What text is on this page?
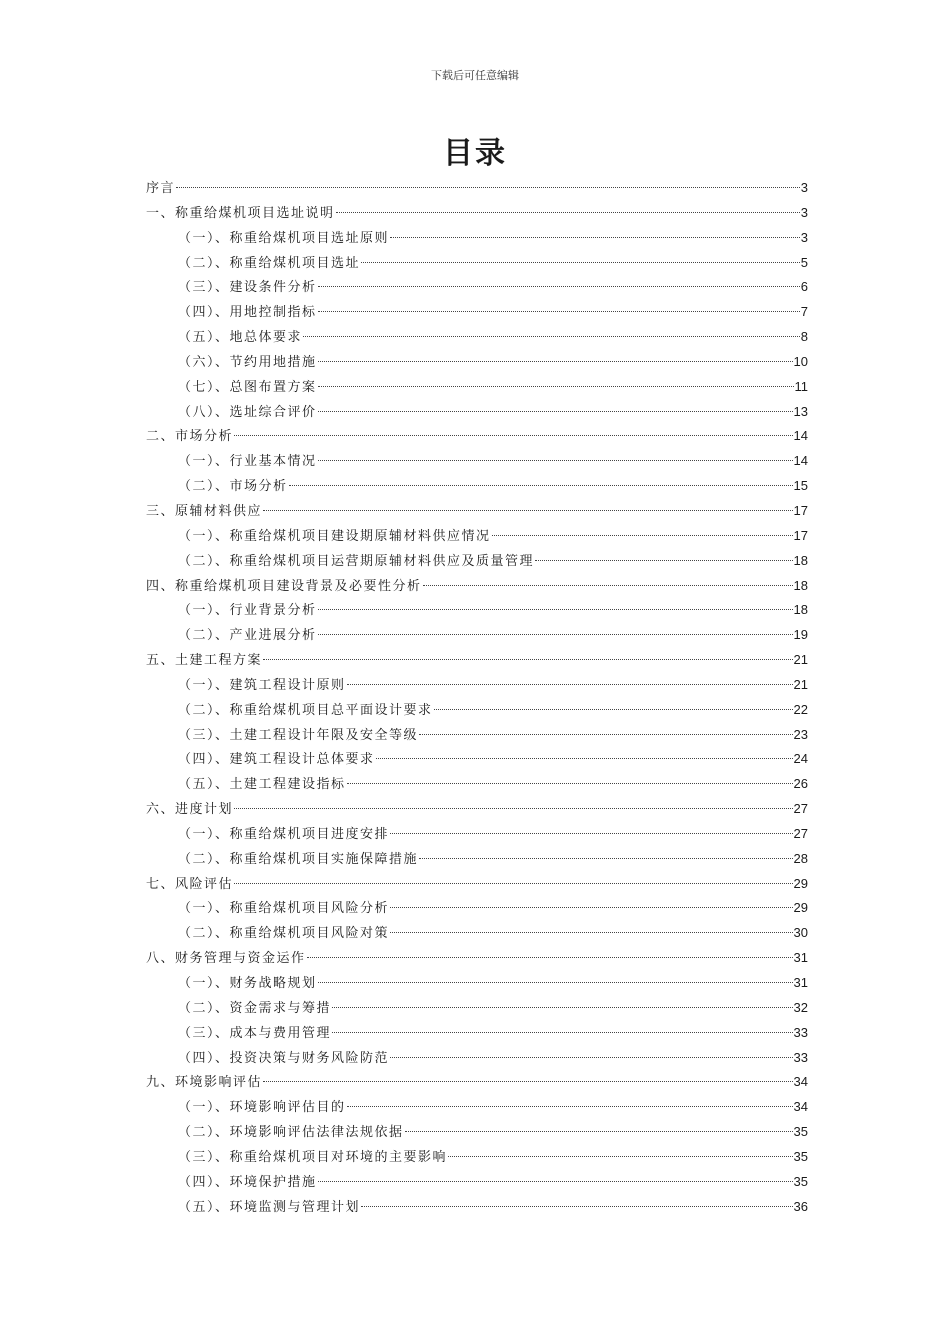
下载后可任意编辑
目录
序言	3
一、称重给煤机项目选址说明	3
（一）、称重给煤机项目选址原则	3
（二）、称重给煤机项目选址	5
（三）、建设条件分析	6
（四）、用地控制指标	7
（五）、地总体要求	8
（六）、节约用地措施	10
（七）、总图布置方案	11
（八）、选址综合评价	13
二、市场分析	14
（一）、行业基本情况	14
（二）、市场分析	15
三、原辅材料供应	17
（一）、称重给煤机项目建设期原辅材料供应情况	17
（二）、称重给煤机项目运营期原辅材料供应及质量管理	18
四、称重给煤机项目建设背景及必要性分析	18
（一）、行业背景分析	18
（二）、产业进展分析	19
五、土建工程方案	21
（一）、建筑工程设计原则	21
（二）、称重给煤机项目总平面设计要求	22
（三）、土建工程设计年限及安全等级	23
（四）、建筑工程设计总体要求	24
（五）、土建工程建设指标	26
六、进度计划	27
（一）、称重给煤机项目进度安排	27
（二）、称重给煤机项目实施保障措施	28
七、风险评估	29
（一）、称重给煤机项目风险分析	29
（二）、称重给煤机项目风险对策	30
八、财务管理与资金运作	31
（一）、财务战略规划	31
（二）、资金需求与筹措	32
（三）、成本与费用管理	33
（四）、投资决策与财务风险防范	33
九、环境影响评估	34
（一）、环境影响评估目的	34
（二）、环境影响评估法律法规依据	35
（三）、称重给煤机项目对环境的主要影响	35
（四）、环境保护措施	35
（五）、环境监测与管理计划	36
